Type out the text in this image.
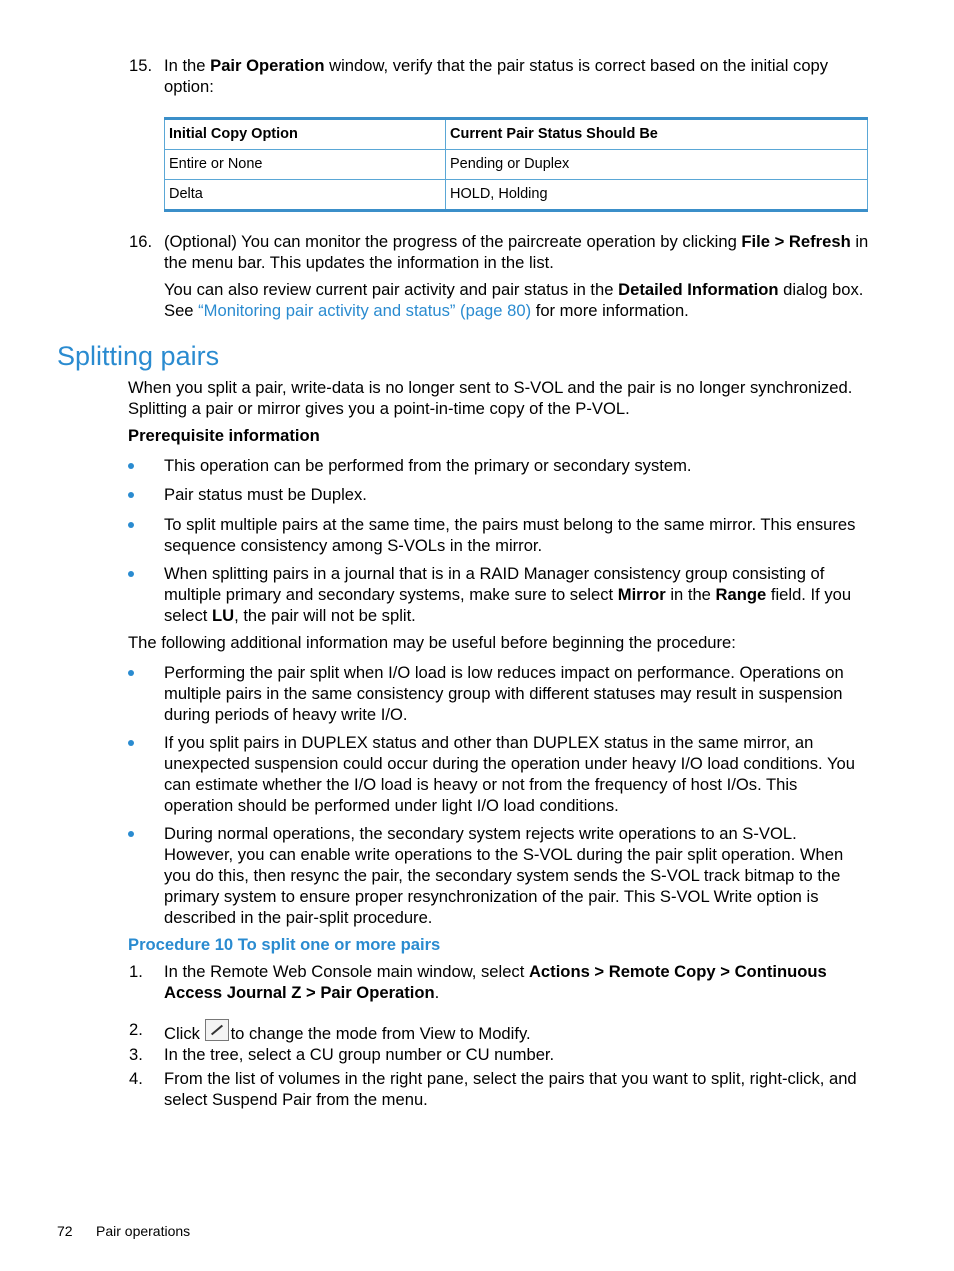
15. In the Pair Operation window, verify that the pair status is correct based on the initial copy option:
Initial Copy Option	Current Pair Status Should Be
Entire or None	Pending or Duplex
Delta	HOLD, Holding
16. (Optional) You can monitor the progress of the paircreate operation by clicking File > Refresh in the menu bar. This updates the information in the list.
You can also review current pair activity and pair status in the Detailed Information dialog box. See “Monitoring pair activity and status” (page 80) for more information.
Splitting pairs
When you split a pair, write-data is no longer sent to S-VOL and the pair is no longer synchronized. Splitting a pair or mirror gives you a point-in-time copy of the P-VOL.
Prerequisite information
This operation can be performed from the primary or secondary system.
Pair status must be Duplex.
To split multiple pairs at the same time, the pairs must belong to the same mirror. This ensures sequence consistency among S-VOLs in the mirror.
When splitting pairs in a journal that is in a RAID Manager consistency group consisting of multiple primary and secondary systems, make sure to select Mirror in the Range field. If you select LU, the pair will not be split.
The following additional information may be useful before beginning the procedure:
Performing the pair split when I/O load is low reduces impact on performance. Operations on multiple pairs in the same consistency group with different statuses may result in suspension during periods of heavy write I/O.
If you split pairs in DUPLEX status and other than DUPLEX status in the same mirror, an unexpected suspension could occur during the operation under heavy I/O load conditions. You can estimate whether the I/O load is heavy or not from the frequency of host I/Os. This operation should be performed under light I/O load conditions.
During normal operations, the secondary system rejects write operations to an S-VOL. However, you can enable write operations to the S-VOL during the pair split operation. When you do this, then resync the pair, the secondary system sends the S-VOL track bitmap to the primary system to ensure proper resynchronization of the pair. This S-VOL Write option is described in the pair-split procedure.
Procedure 10 To split one or more pairs
1. In the Remote Web Console main window, select Actions > Remote Copy > Continuous Access Journal Z > Pair Operation.
2. Click to change the mode from View to Modify.
3. In the tree, select a CU group number or CU number.
4. From the list of volumes in the right pane, select the pairs that you want to split, right-click, and select Suspend Pair from the menu.
72 Pair operations
